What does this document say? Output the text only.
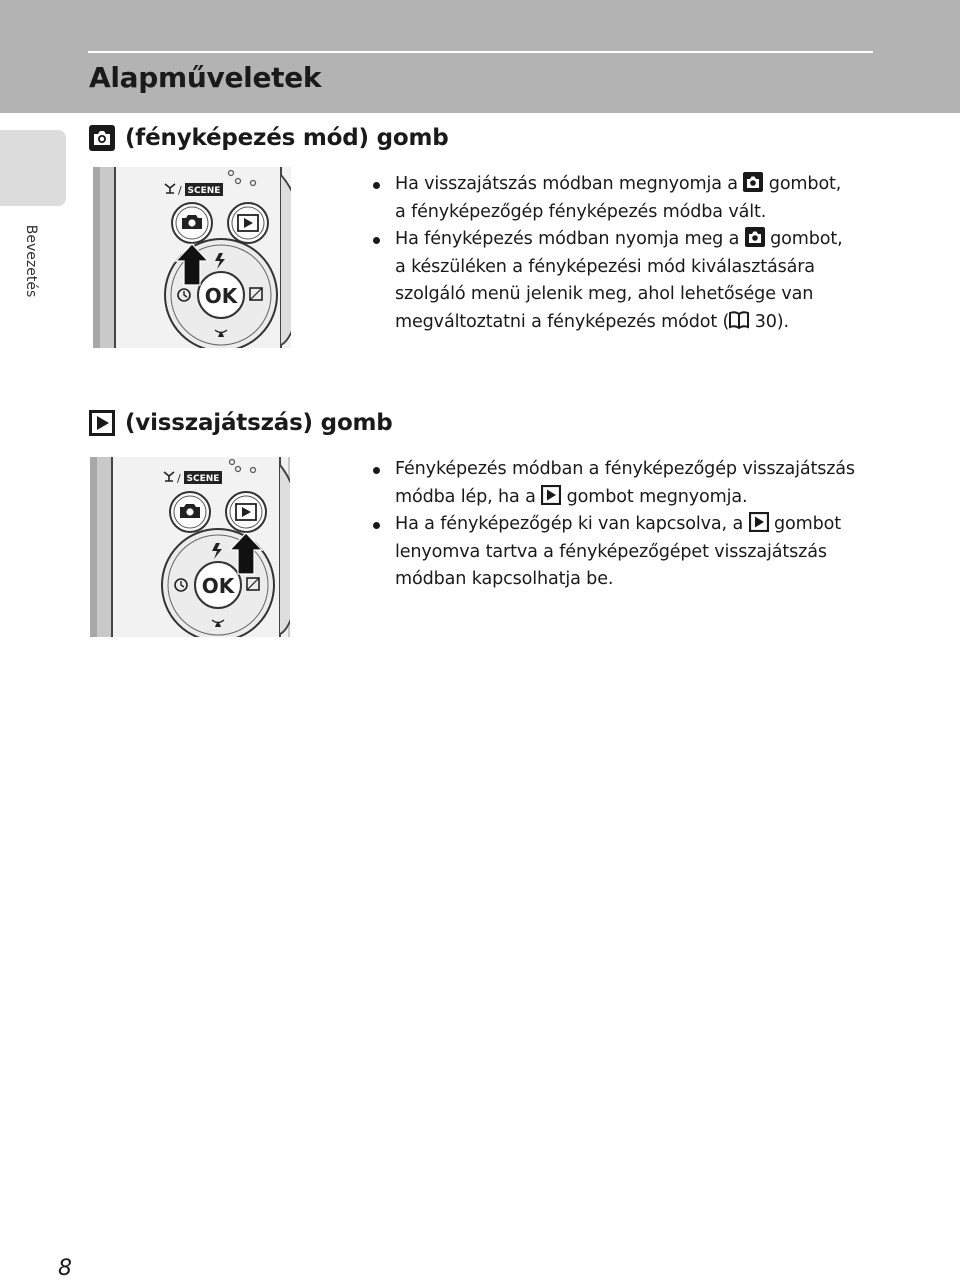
Alapműveletek
Bevezetés
(fényképezés mód) gomb
/ SCENE
OK
Ha visszajátszás módban megnyomja a  gombot,
a fényképezőgép fényképezés módba vált.
Ha fényképezés módban nyomja meg a  gombot,
a készüléken a fényképezési mód kiválasztására
szolgáló menü jelenik meg, ahol lehetősége van
megváltoztatni a fényképezés módot ( 30).
(visszajátszás) gomb
/ SCENE
OK
Fényképezés módban a fényképezőgép visszajátszás
módba lép, ha a  gombot megnyomja.
Ha a fényképezőgép ki van kapcsolva, a  gombot
lenyomva tartva a fényképezőgépet visszajátszás
módban kapcsolhatja be.

8
